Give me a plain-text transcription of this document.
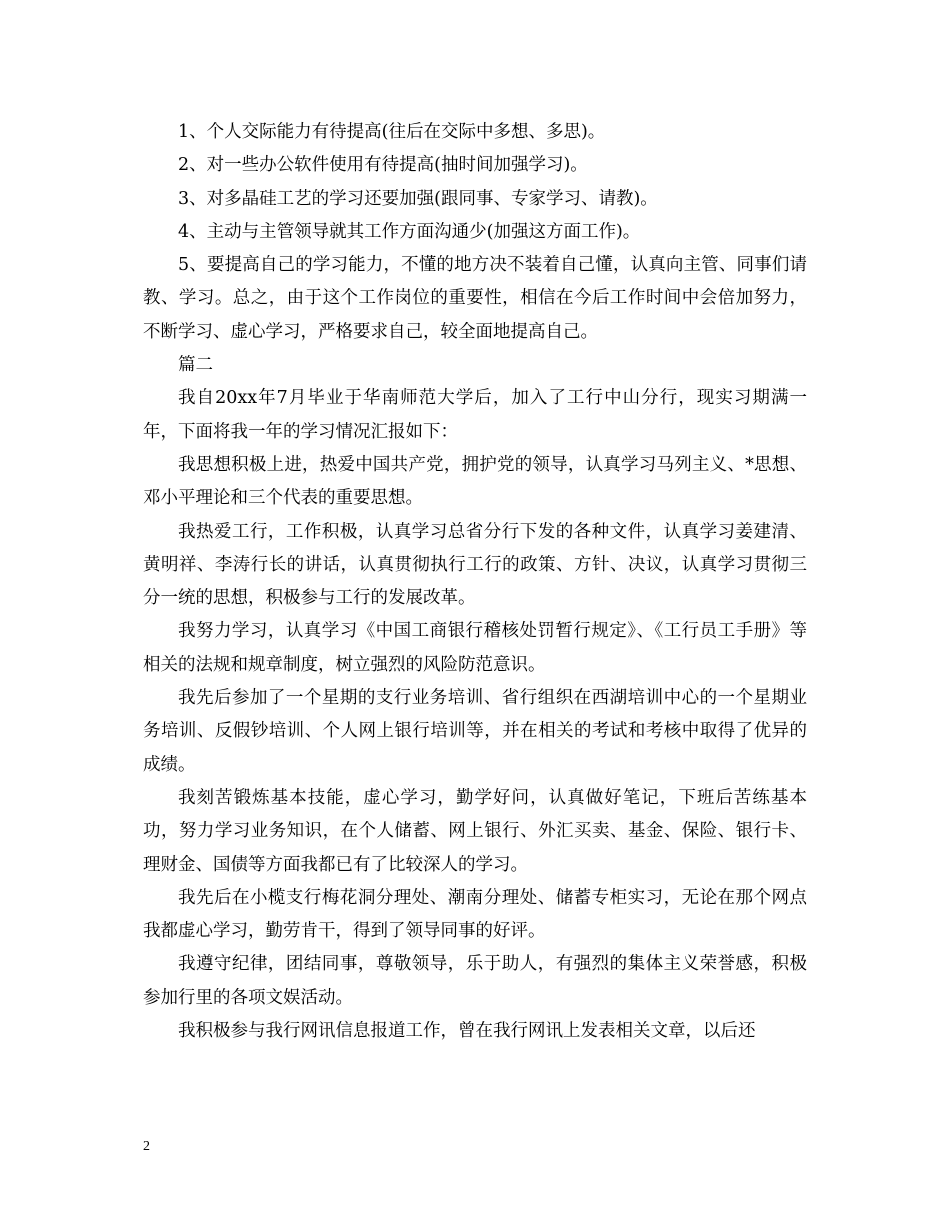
1、个人交际能力有待提高(往后在交际中多想、多思)。

2、对一些办公软件使用有待提高(抽时间加强学习)。

3、对多晶硅工艺的学习还要加强(跟同事、专家学习、请教)。

4、主动与主管领导就其工作方面沟通少(加强这方面工作)。

5、要提高自己的学习能力，不懂的地方决不装着自己懂，认真向主管、同事们请教、学习。总之，由于这个工作岗位的重要性，相信在今后工作时间中会倍加努力，不断学习、虚心学习，严格要求自己，较全面地提高自己。

篇二

我自20xx年7月毕业于华南师范大学后，加入了工行中山分行，现实习期满一年，下面将我一年的学习情况汇报如下：

我思想积极上进，热爱中国共产党，拥护党的领导，认真学习马列主义、*思想、邓小平理论和三个代表的重要思想。

我热爱工行，工作积极，认真学习总省分行下发的各种文件，认真学习姜建清、黄明祥、李涛行长的讲话，认真贯彻执行工行的政策、方针、决议，认真学习贯彻三分一统的思想，积极参与工行的发展改革。

我努力学习，认真学习《中国工商银行稽核处罚暂行规定》、《工行员工手册》等相关的法规和规章制度，树立强烈的风险防范意识。

我先后参加了一个星期的支行业务培训、省行组织在西湖培训中心的一个星期业务培训、反假钞培训、个人网上银行培训等，并在相关的考试和考核中取得了优异的成绩。

我刻苦锻炼基本技能，虚心学习，勤学好问，认真做好笔记，下班后苦练基本功，努力学习业务知识，在个人储蓄、网上银行、外汇买卖、基金、保险、银行卡、理财金、国债等方面我都已有了比较深人的学习。

我先后在小榄支行梅花洞分理处、潮南分理处、储蓄专柜实习，无论在那个网点我都虚心学习，勤劳肯干，得到了领导同事的好评。

我遵守纪律，团结同事，尊敬领导，乐于助人，有强烈的集体主义荣誉感，积极参加行里的各项文娱活动。

我积极参与我行网讯信息报道工作，曾在我行网讯上发表相关文章，以后还

2
